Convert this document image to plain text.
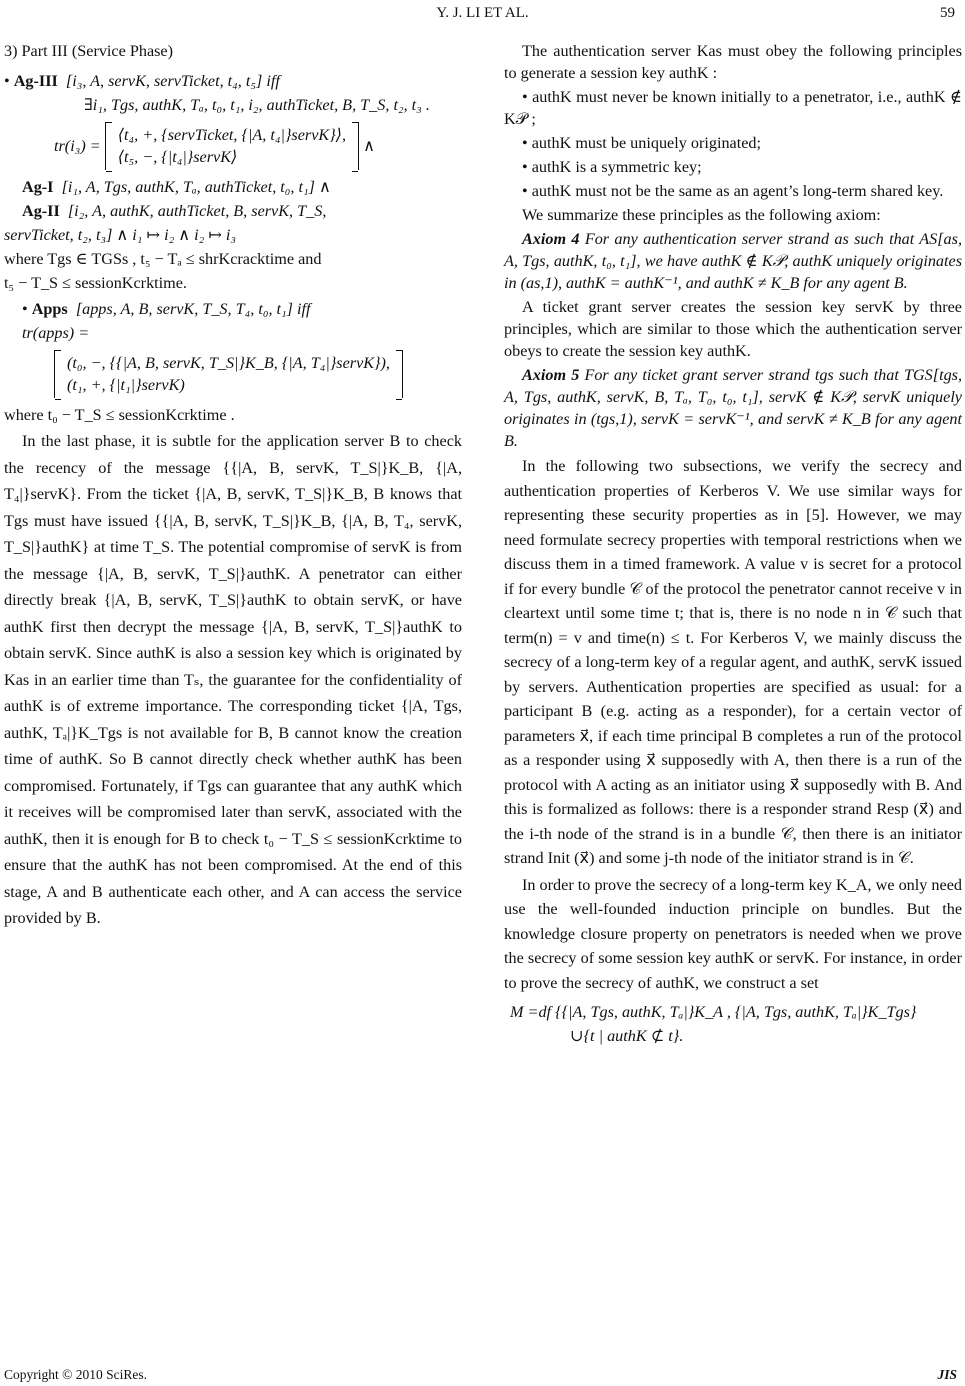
Y. J. LI ET AL.	59

3) Part III (Service Phase)

• Ag-III [i₃, A, servK, servTicket, t₄, t₅] iff

∃i₁, Tgs, authK, Tₐ, t₀, t₁, i₂, authTicket, B, T_S, t₂, t₃ .

tr(i₃) =
⟨t₄, +, {servTicket, {|A, t₄|}servK}⟩,
⟨t₅, −, {|t₄|}servK⟩
∧

Ag-I [i₁, A, Tgs, authK, Tₐ, authTicket, t₀, t₁] ∧

Ag-II [i₂, A, authK, authTicket, B, servK, T_S,

servTicket, t₂, t₃] ∧ i₁ ↦ i₂ ∧ i₂ ↦ i₃

where Tgs ∈ TGSs , t₅ − Tₐ ≤ shrKcracktime and

t₅ − T_S ≤ sessionKcrktime.

• Apps [apps, A, B, servK, T_S, T₄, t₀, t₁] iff

tr(apps) =

(t₀, −, {{|A, B, servK, T_S|}K_B, {|A, T₄|}servK}),
(t₁, +, {|t₁|}servK)

where t₀ − T_S ≤ sessionKcrktime .

In the last phase, it is subtle for the application server B to check the recency of the message {{|A, B, servK, T_S|}K_B, {|A, T₄|}servK}. From the ticket {|A, B, servK, T_S|}K_B, B knows that Tgs must have issued {{|A, B, servK, T_S|}K_B, {|A, B, T₄, servK, T_S|}authK} at time T_S. The potential compromise of servK is from the message {|A, B, servK, T_S|}authK. A penetrator can either directly break {|A, B, servK, T_S|}authK to obtain servK, or have authK first then decrypt the message {|A, B, servK, T_S|}authK to obtain servK. Since authK is also a session key which is originated by Kas in an earlier time than Tₛ, the guarantee for the confidentiality of authK is of extreme importance. The corresponding ticket {|A, Tgs, authK, Tₐ|}K_Tgs is not available for B, B cannot know the creation time of authK. So B cannot directly check whether authK has been compromised. Fortunately, if Tgs can guarantee that any authK which it receives will be compromised later than servK, associated with the authK, then it is enough for B to check t₀ − T_S ≤ sessionKcrktime to ensure that the authK has not been compromised. At the end of this stage, A and B authenticate each other, and A can access the service provided by B.

The authentication server Kas must obey the following principles to generate a session key authK :

• authK must never be known initially to a penetrator, i.e., authK ∉ K𝒫 ;

• authK must be uniquely originated;

• authK is a symmetric key;

• authK must not be the same as an agent’s long-term shared key.

We summarize these principles as the following axiom:

Axiom 4 For any authentication server strand as such that AS[as, A, Tgs, authK, t₀, t₁], we have authK ∉ K𝒫, authK uniquely originates in (as,1), authK = authK⁻¹, and authK ≠ K_B for any agent B.

A ticket grant server creates the session key servK by three principles, which are similar to those which the authentication server obeys to create the session key authK.

Axiom 5 For any ticket grant server strand tgs such that TGS[tgs, A, Tgs, authK, servK, B, Tₐ, T₀, t₀, t₁], servK ∉ K𝒫, servK uniquely originates in (tgs,1), servK = servK⁻¹, and servK ≠ K_B for any agent B.

In the following two subsections, we verify the secrecy and authentication properties of Kerberos V. We use similar ways for representing these security properties as in [5]. However, we may need formulate secrecy properties with temporal restrictions when we discuss them in a timed framework. A value v is secret for a protocol if for every bundle 𝒞 of the protocol the penetrator cannot receive v in cleartext until some time t; that is, there is no node n in 𝒞 such that term(n) = v and time(n) ≤ t. For Kerberos V, we mainly discuss the secrecy of a long-term key of a regular agent, and authK, servK issued by servers. Authentication properties are specified as usual: for a participant B (e.g. acting as a responder), for a certain vector of parameters x⃗, if each time principal B completes a run of the protocol as a responder using x⃗ supposedly with A, then there is a run of the protocol with A acting as an initiator using x⃗ supposedly with B. And this is formalized as follows: there is a responder strand Resp (x⃗) and the i-th node of the strand is in a bundle 𝒞, then there is an initiator strand Init (x⃗) and some j-th node of the initiator strand is in 𝒞.

In order to prove the secrecy of a long-term key K_A, we only need use the well-founded induction principle on bundles. But the knowledge closure property on penetrators is needed when we prove the secrecy of some session key authK or servK. For instance, in order to prove the secrecy of authK, we construct a set

M =df {{|A, Tgs, authK, Tₐ|}K_A , {|A, Tgs, authK, Tₐ|}K_Tgs}

∪{t | authK ⊄ t}.

Copyright © 2010 SciRes.	JIS
